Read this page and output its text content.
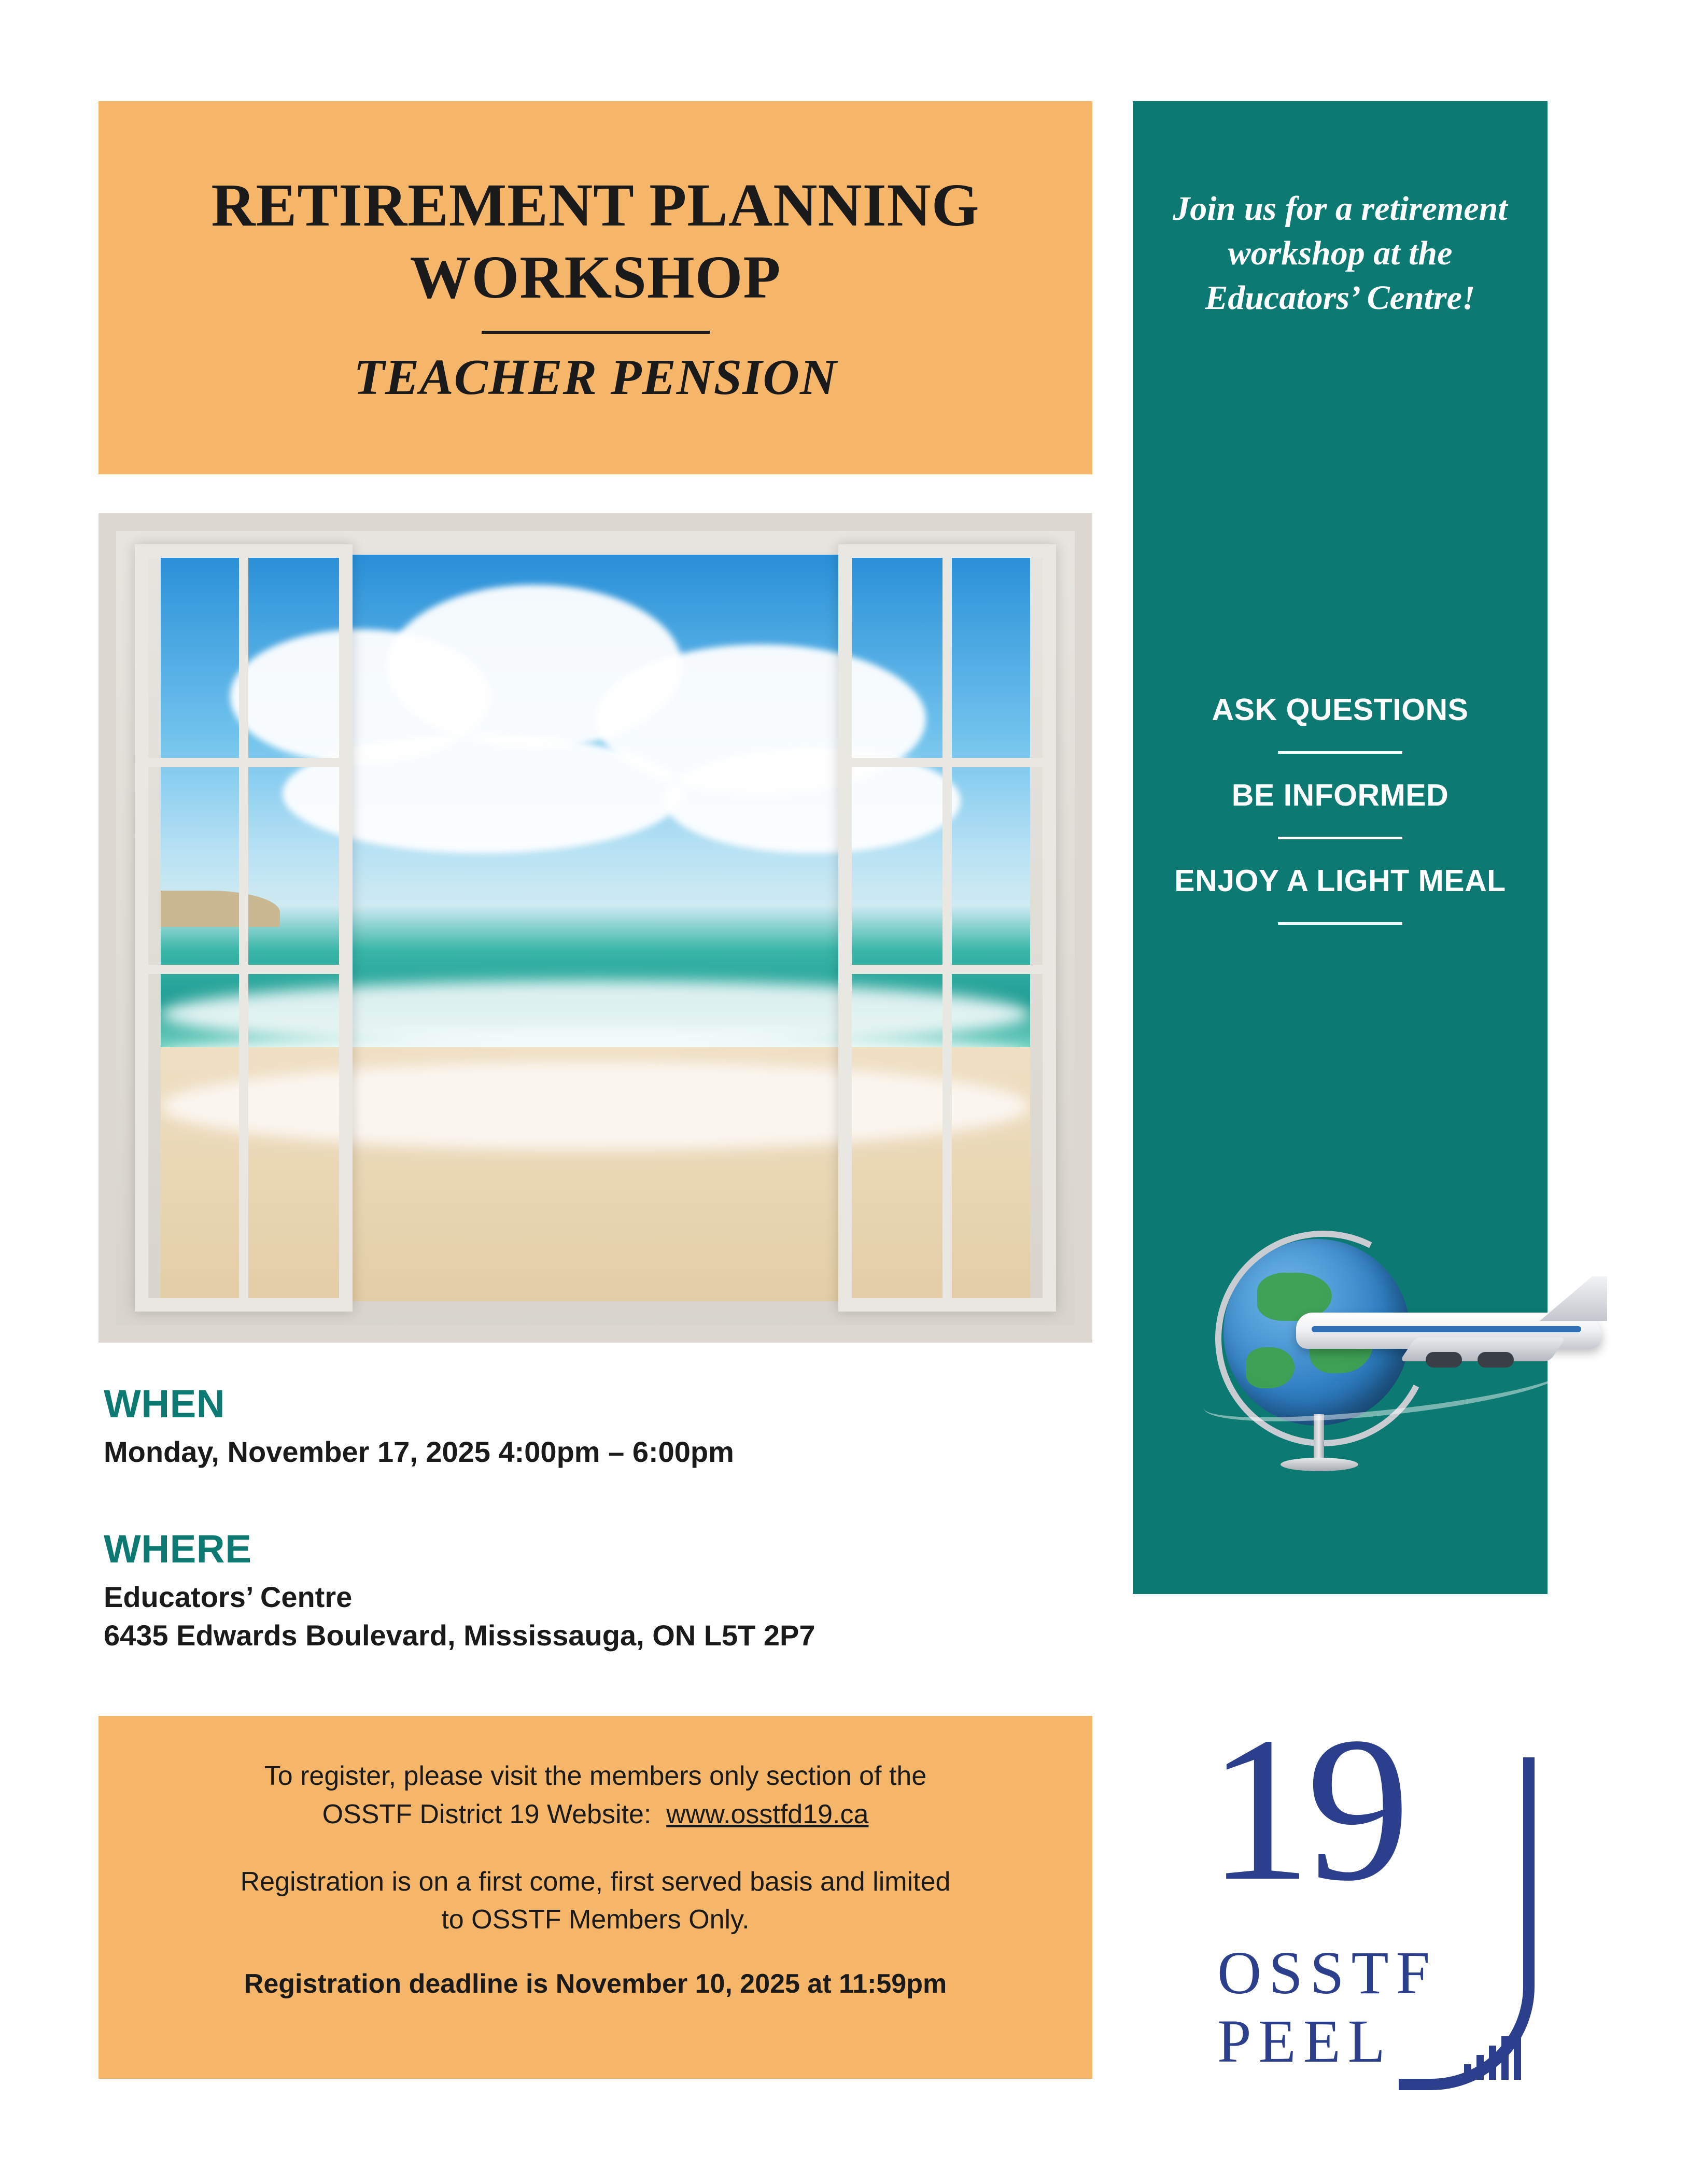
RETIREMENT PLANNING
WORKSHOP
TEACHER PENSION
Join us for a retirement workshop at the Educators’ Centre!
ASK QUESTIONS
BE INFORMED
ENJOY A LIGHT MEAL
WHEN
Monday, November 17, 2025 4:00pm – 6:00pm
WHERE
Educators’ Centre
6435 Edwards Boulevard, Mississauga, ON L5T 2P7
To register, please visit the members only section of the
OSSTF District 19 Website: www.osstfd19.ca
Registration is on a first come, first served basis and limited
to OSSTF Members Only.
Registration deadline is November 10, 2025 at 11:59pm
19
OSSTF
PEEL
